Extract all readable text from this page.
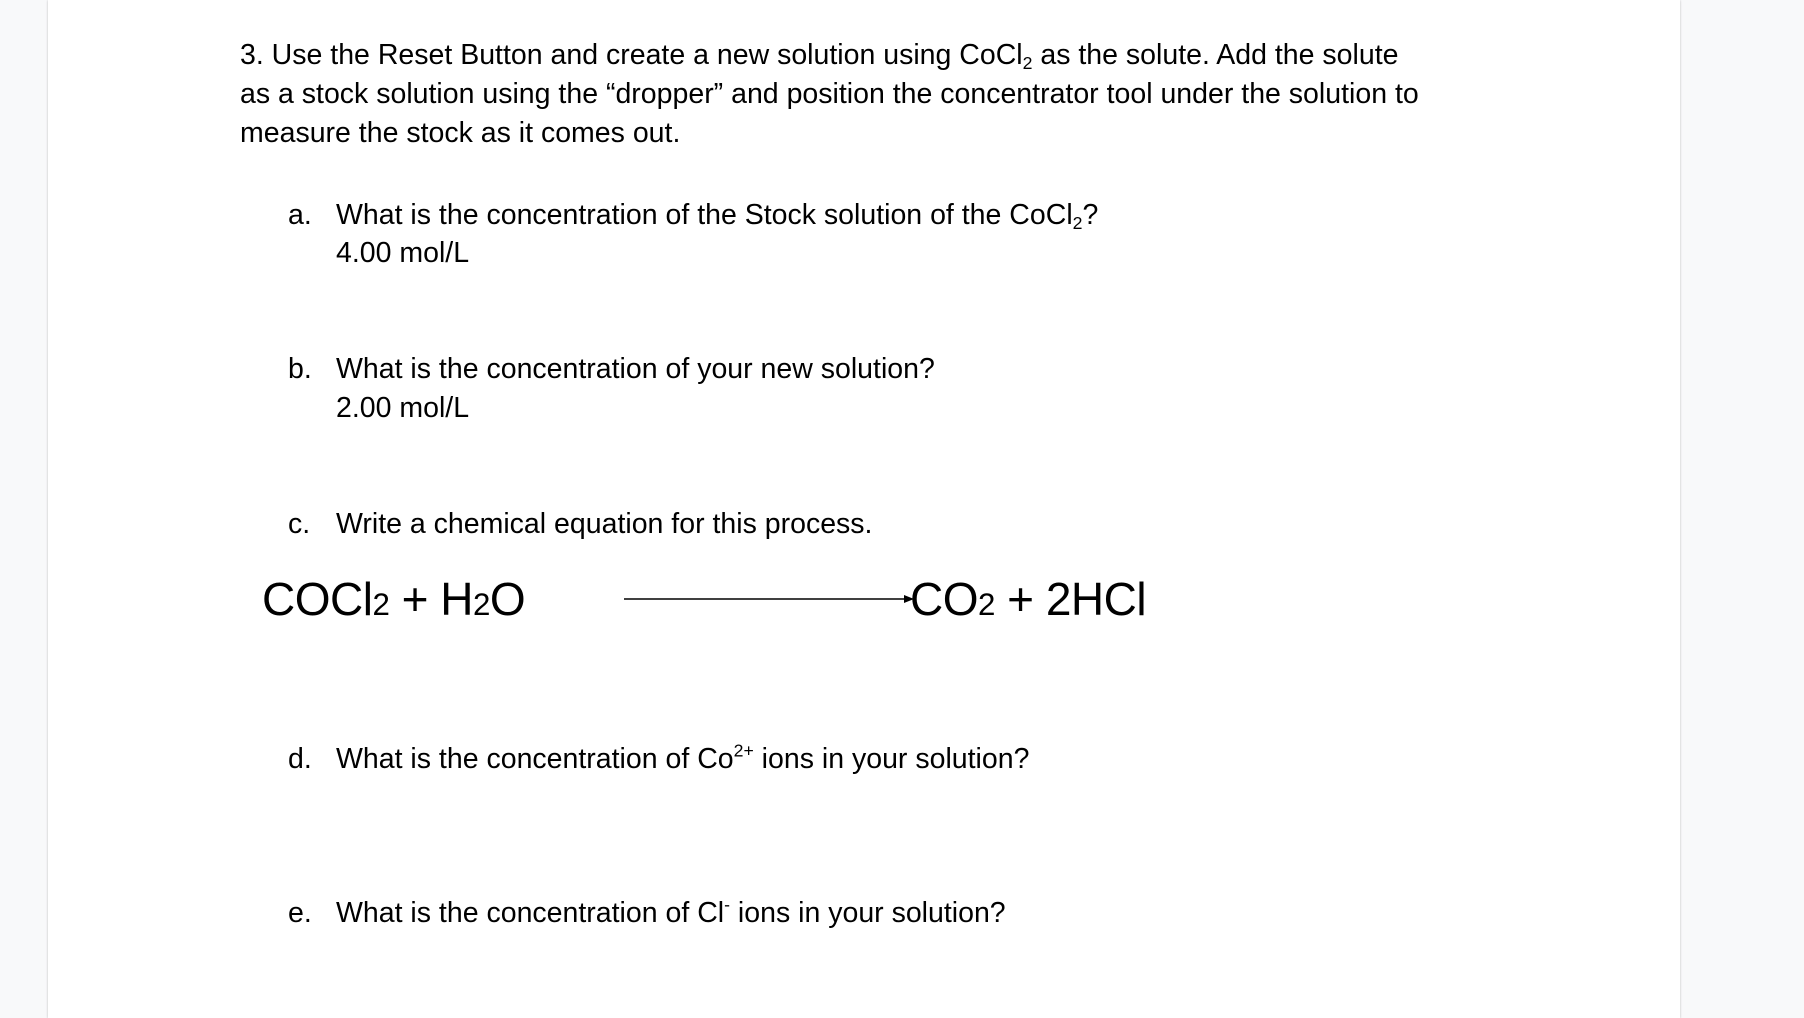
3. Use the Reset Button and create a new solution using CoCl$_2$ as the solute. Add the solute
as a stock solution using the “dropper” and position the concentrator tool under the solution to
measure the stock as it comes out.

a. What is the concentration of the Stock solution of the CoCl$_2$?
4.00 mol/L
b. What is the concentration of your new solution?
2.00 mol/L
c. Write a chemical equation for this process.
COCl2 + H2O	CO2 + 2HCl
d. What is the concentration of $Co^{2+}$ ions in your solution?
e. What is the concentration of Cl- ions in your solution?
